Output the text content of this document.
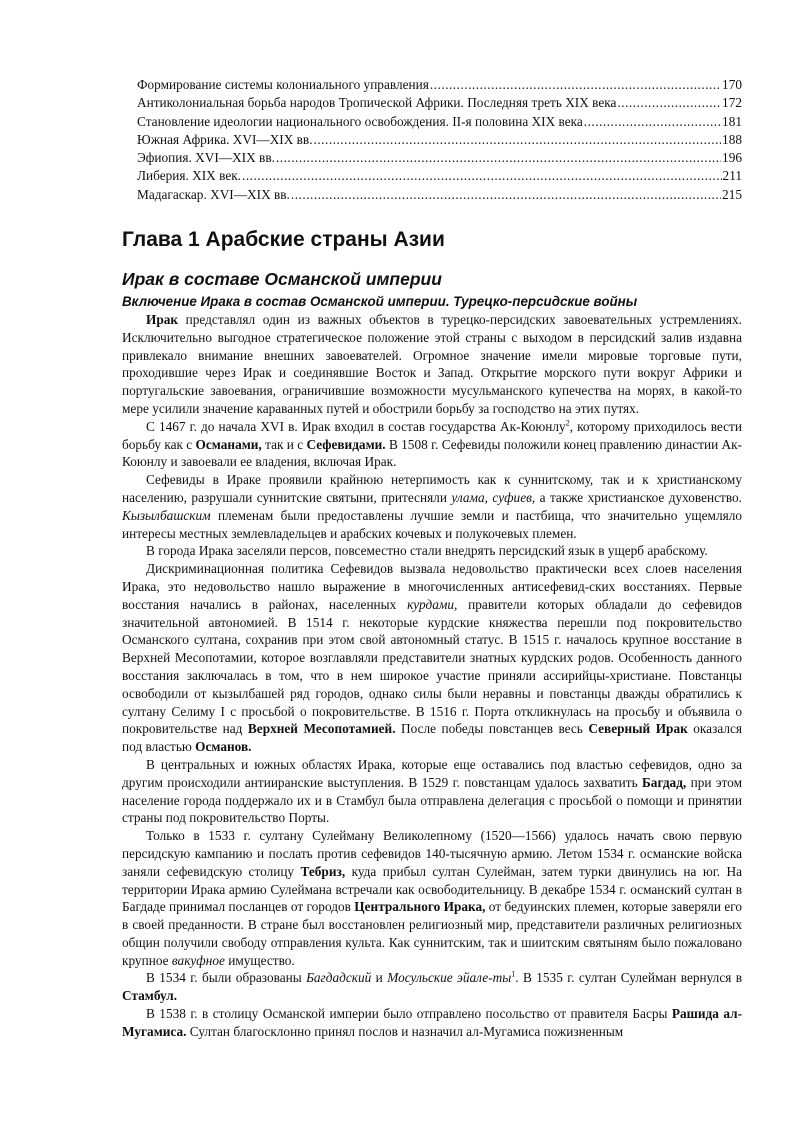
Формирование системы колониального управления .....	170
Антиколониальная борьба народов Тропической Африки. Последняя треть XIX века .....	172
Становление идеологии национального освобождения. II-я половина XIX века .....	181
Южная Африка. XVI—XIX вв. .....	188
Эфиопия. XVI—XIX вв. .....	196
Либерия. XIX век. .....	211
Мадагаскар. XVI—XIX вв. .....	215
Глава 1 Арабские страны Азии
Ирак в составе Османской империи
Включение Ирака в состав Османской империи. Турецко-персидские войны

Ирак представлял один из важных объектов в турецко-персидских завоевательных устремлениях. Исключительно выгодное стратегическое положение этой страны с выходом в персидский залив издавна привлекало внимание внешних завоевателей. Огромное значение имели мировые торговые пути, проходившие через Ирак и соединявшие Восток и Запад. Открытие морского пути вокруг Африки и португальские завоевания, ограничившие возможности мусульманского купечества на морях, в какой-то мере усилили значение караванных путей и обострили борьбу за господство на этих путях.

С 1467 г. до начала XVI в. Ирак входил в состав государства Ак-Коюнлу$^2$, которому приходилось вести борьбу как с Османами, так и с Сефевидами. В 1508 г. Сефевиды положили конец правлению династии Ак-Коюнлу и завоевали ее владения, включая Ирак.

Сефевиды в Ираке проявили крайнюю нетерпимость как к суннитскому, так и к христианскому населению, разрушали суннитские святыни, притесняли улама, суфиев, а также христианское духовенство. Кызылбашским племенам были предоставлены лучшие земли и пастбища, что значительно ущемляло интересы местных землевладельцев и арабских кочевых и полукочевых племен.

В города Ирака заселяли персов, повсеместно стали внедрять персидский язык в ущерб арабскому.

Дискриминационная политика Сефевидов вызвала недовольство практически всех слоев населения Ирака, это недовольство нашло выражение в многочисленных антисефевид-ских восстаниях. Первые восстания начались в районах, населенных курдами, правители которых обладали до сефевидов значительной автономией. В 1514 г. некоторые курдские княжества перешли под покровительство Османского султана, сохранив при этом свой автономный статус. В 1515 г. началось крупное восстание в Верхней Месопотамии, которое возглавляли представители знатных курдских родов. Особенность данного восстания заключалась в том, что в нем широкое участие приняли ассирийцы-христиане. Повстанцы освободили от кызылбашей ряд городов, однако силы были неравны и повстанцы дважды обратились к султану Селиму I с просьбой о покровительстве. В 1516 г. Порта откликнулась на просьбу и объявила о покровительстве над Верхней Месопотамией. После победы повстанцев весь Северный Ирак оказался под властью Османов.

В центральных и южных областях Ирака, которые еще оставались под властью сефевидов, одно за другим происходили антииранские выступления. В 1529 г. повстанцам удалось захватить Багдад, при этом население города поддержало их и в Стамбул была отправлена делегация с просьбой о помощи и принятии страны под покровительство Порты.

Только в 1533 г. султану Сулейману Великолепному (1520—1566) удалось начать свою первую персидскую кампанию и послать против сефевидов 140-тысячную армию. Летом 1534 г. османские войска заняли сефевидскую столицу Тебриз, куда прибыл султан Сулейман, затем турки двинулись на юг. На территории Ирака армию Сулеймана встречали как освободительницу. В декабре 1534 г. османский султан в Багдаде принимал посланцев от городов Центрального Ирака, от бедуинских племен, которые заверяли его в своей преданности. В стране был восстановлен религиозный мир, представители различных религиозных общин получили свободу отправления культа. Как суннитским, так и шиитским святыням было пожаловано крупное вакуфное имущество.

В 1534 г. были образованы Багдадский и Мосульские эйале-$ты^1$. В 1535 г. султан Сулейман вернулся в Стамбул.

В 1538 г. в столицу Османской империи было отправлено посольство от правителя Басры Рашида ал-Мугамиса. Султан благосклонно принял послов и назначил ал-Мугамиса пожизненным
